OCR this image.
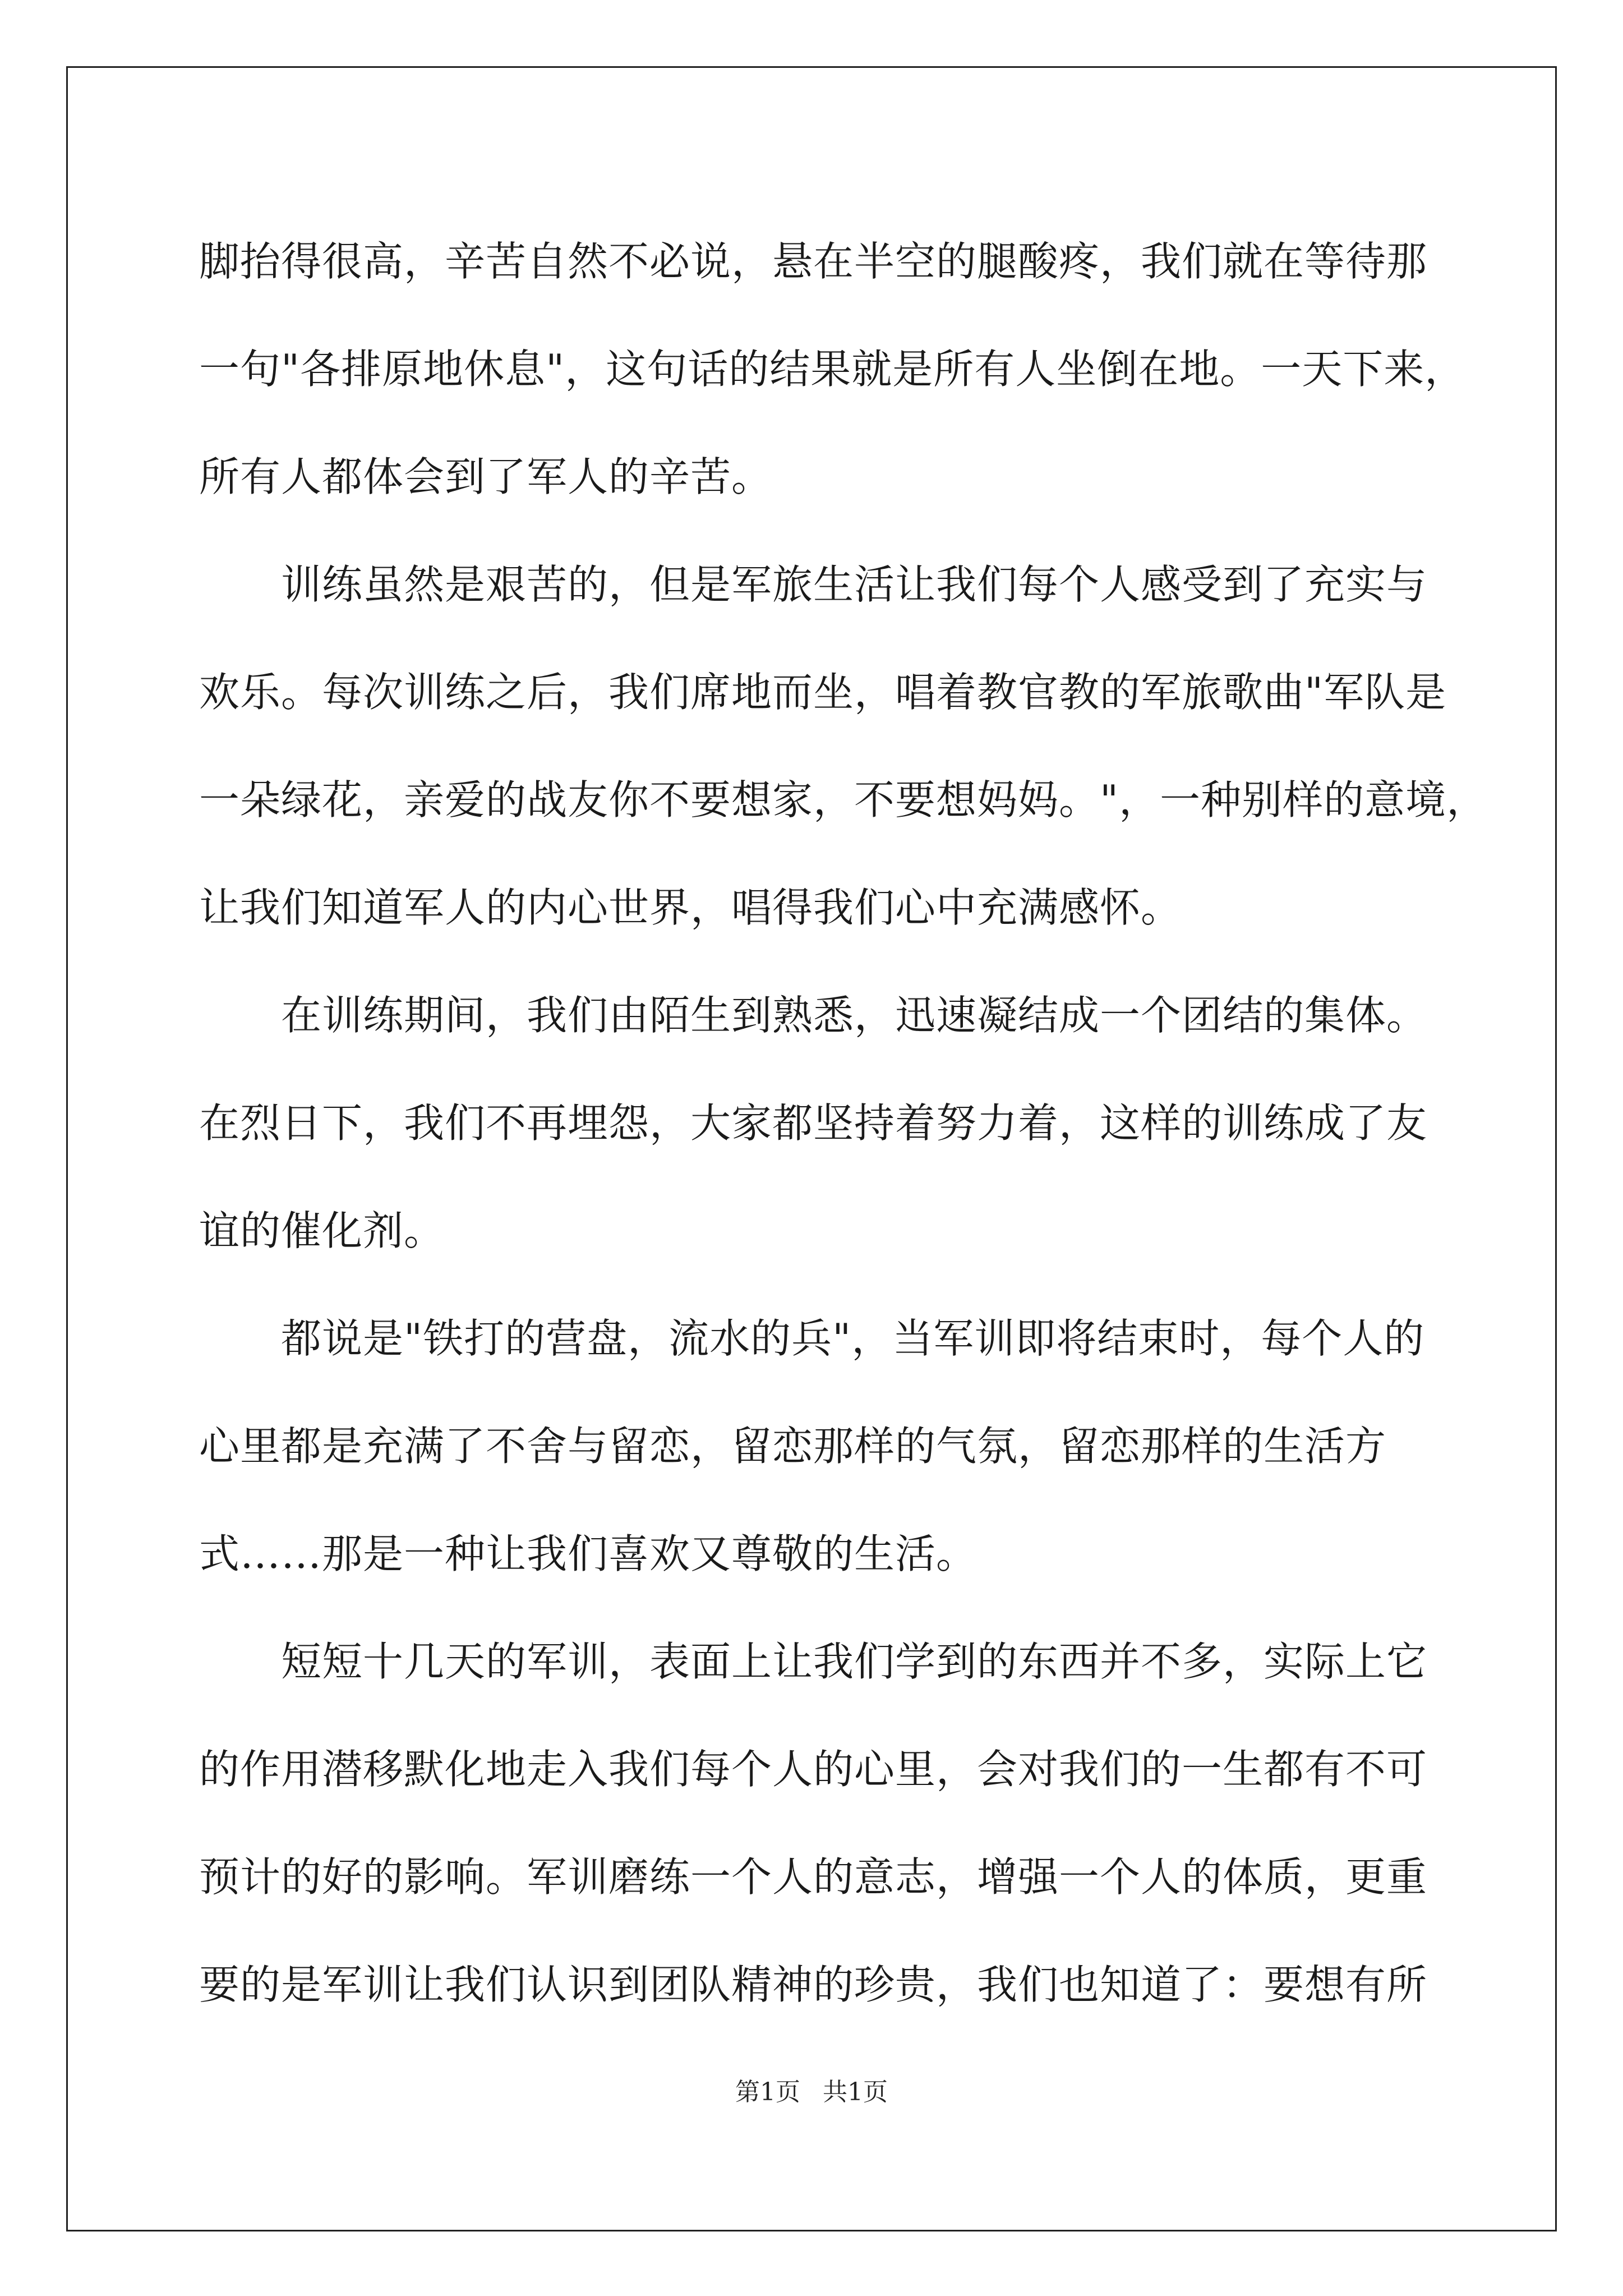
脚抬得很高，辛苦自然不必说，悬在半空的腿酸疼，我们就在等待那
一句"各排原地休息"，这句话的结果就是所有人坐倒在地。一天下来，
所有人都体会到了军人的辛苦。
　　训练虽然是艰苦的，但是军旅生活让我们每个人感受到了充实与
欢乐。每次训练之后，我们席地而坐，唱着教官教的军旅歌曲"军队是
一朵绿花，亲爱的战友你不要想家，不要想妈妈。"，一种别样的意境，
让我们知道军人的内心世界，唱得我们心中充满感怀。
　　在训练期间，我们由陌生到熟悉，迅速凝结成一个团结的集体。
在烈日下，我们不再埋怨，大家都坚持着努力着，这样的训练成了友
谊的催化剂。
　　都说是"铁打的营盘，流水的兵"，当军训即将结束时，每个人的
心里都是充满了不舍与留恋，留恋那样的气氛，留恋那样的生活方
式……那是一种让我们喜欢又尊敬的生活。
　　短短十几天的军训，表面上让我们学到的东西并不多，实际上它
的作用潜移默化地走入我们每个人的心里，会对我们的一生都有不可
预计的好的影响。军训磨练一个人的意志，增强一个人的体质，更重
要的是军训让我们认识到团队精神的珍贵，我们也知道了：要想有所
第1页 共1页
